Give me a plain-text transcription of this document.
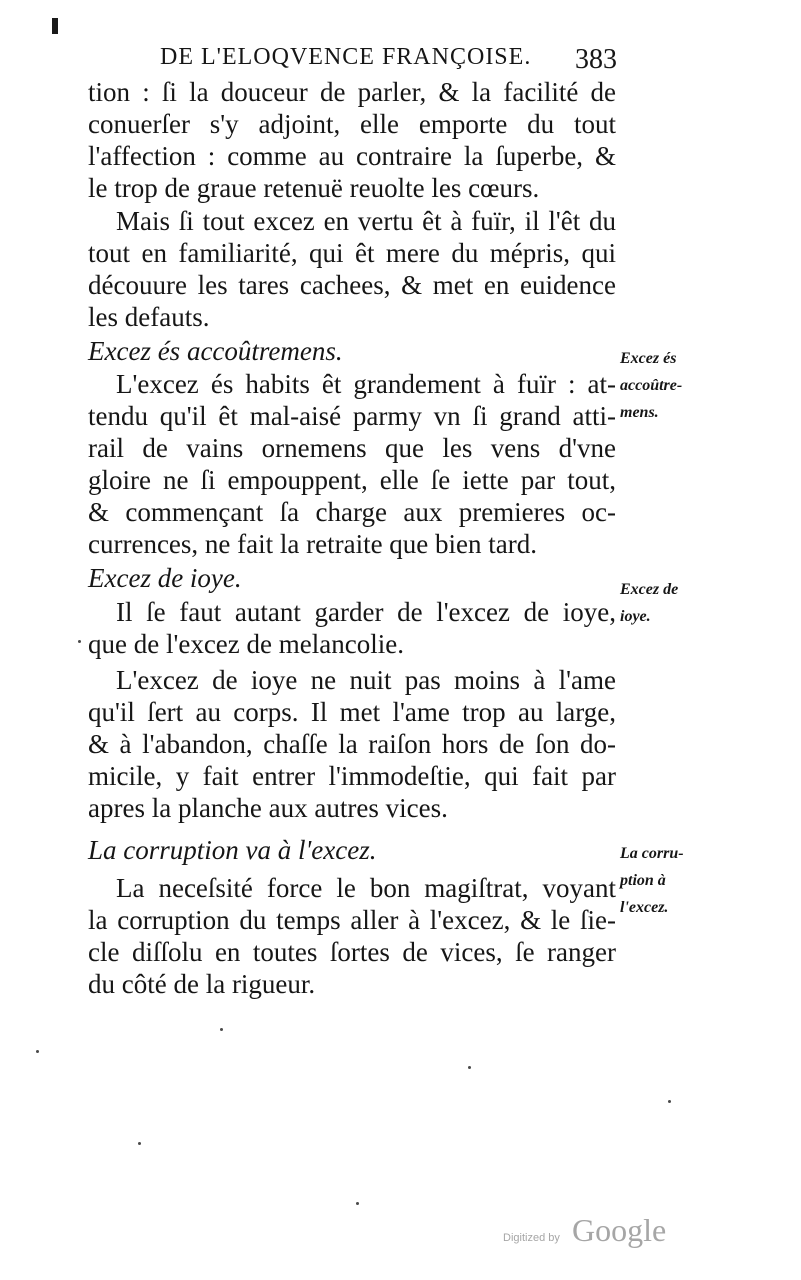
DE L'ELOQVENCE FRANÇOISE. 383
tion : ſi la douceur de parler, & la facilité de
conuerſer s'y adjoint, elle emporte du tout
l'affection : comme au contraire la ſuperbe, &
le trop de graue retenuë reuolte les cœurs.
Mais ſi tout excez en vertu êt à fuïr, il l'êt du
tout en familiarité, qui êt mere du mépris, qui
découure les tares cachees, & met en euidence
les defauts.
Excez és accoûtremens.
L'excez és habits êt grandement à fuïr : at-
tendu qu'il êt mal-aisé parmy vn ſi grand atti-
rail de vains ornemens que les vens d'vne
gloire ne ſi empouppent, elle ſe iette par tout,
& commençant ſa charge aux premieres oc-
currences, ne fait la retraite que bien tard.
Excez de ioye.
Il ſe faut autant garder de l'excez de ioye,
que de l'excez de melancolie.
L'excez de ioye ne nuit pas moins à l'ame
qu'il ſert au corps. Il met l'ame trop au large,
& à l'abandon, chaſſe la raiſon hors de ſon do-
micile, y fait entrer l'immodeſtie, qui fait par
apres la planche aux autres vices.
La corruption va à l'excez.
La neceſsité force le bon magiſtrat, voyant
la corruption du temps aller à l'excez, & le ſie-
cle diſſolu en toutes ſortes de vices, ſe ranger
du côté de la rigueur.
Excez és
accoûtre-
mens.
Excez de
ioye.
La corru-
ption à
l'excez.
Digitized by Google
